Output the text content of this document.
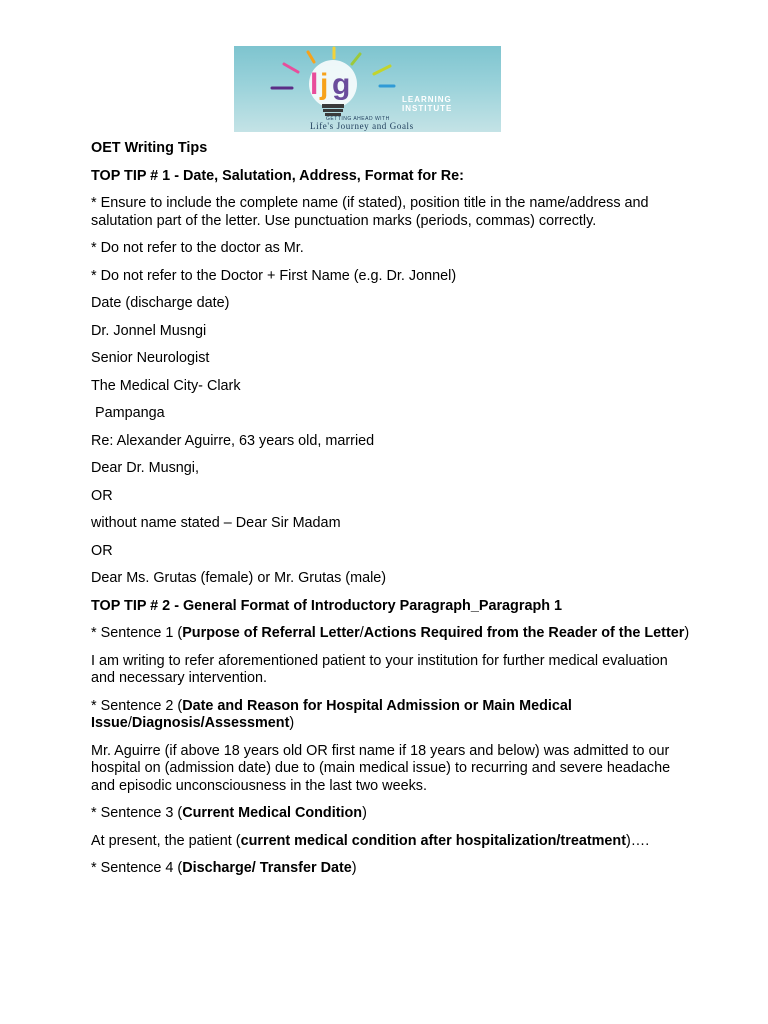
l j g	LEARNING
INSTITUTE
GETTING AHEAD WITH
Life's Journey and Goals

OET Writing Tips

TOP TIP # 1 - Date, Salutation, Address, Format for Re:

* Ensure to include the complete name (if stated), position title in the name/address and salutation part of the letter. Use punctuation marks (periods, commas) correctly.

* Do not refer to the doctor as Mr.

* Do not refer to the Doctor + First Name (e.g. Dr. Jonnel)

Date (discharge date)

Dr. Jonnel Musngi

Senior Neurologist

The Medical City- Clark

Pampanga

Re: Alexander Aguirre, 63 years old, married

Dear Dr. Musngi,

OR

without name stated – Dear Sir Madam

OR

Dear Ms. Grutas (female) or Mr. Grutas (male)

TOP TIP # 2 - General Format of Introductory Paragraph_Paragraph 1

* Sentence 1 (Purpose of Referral Letter/Actions Required from the Reader of the Letter)

I am writing to refer aforementioned patient to your institution for further medical evaluation and necessary intervention.

* Sentence 2 (Date and Reason for Hospital Admission or Main Medical Issue/Diagnosis/Assessment)

Mr. Aguirre (if above 18 years old OR first name if 18 years and below) was admitted to our hospital on (admission date) due to (main medical issue) to recurring and severe headache and episodic unconsciousness in the last two weeks.

* Sentence 3 (Current Medical Condition)

At present, the patient (current medical condition after hospitalization/treatment)….

* Sentence 4 (Discharge/ Transfer Date)
